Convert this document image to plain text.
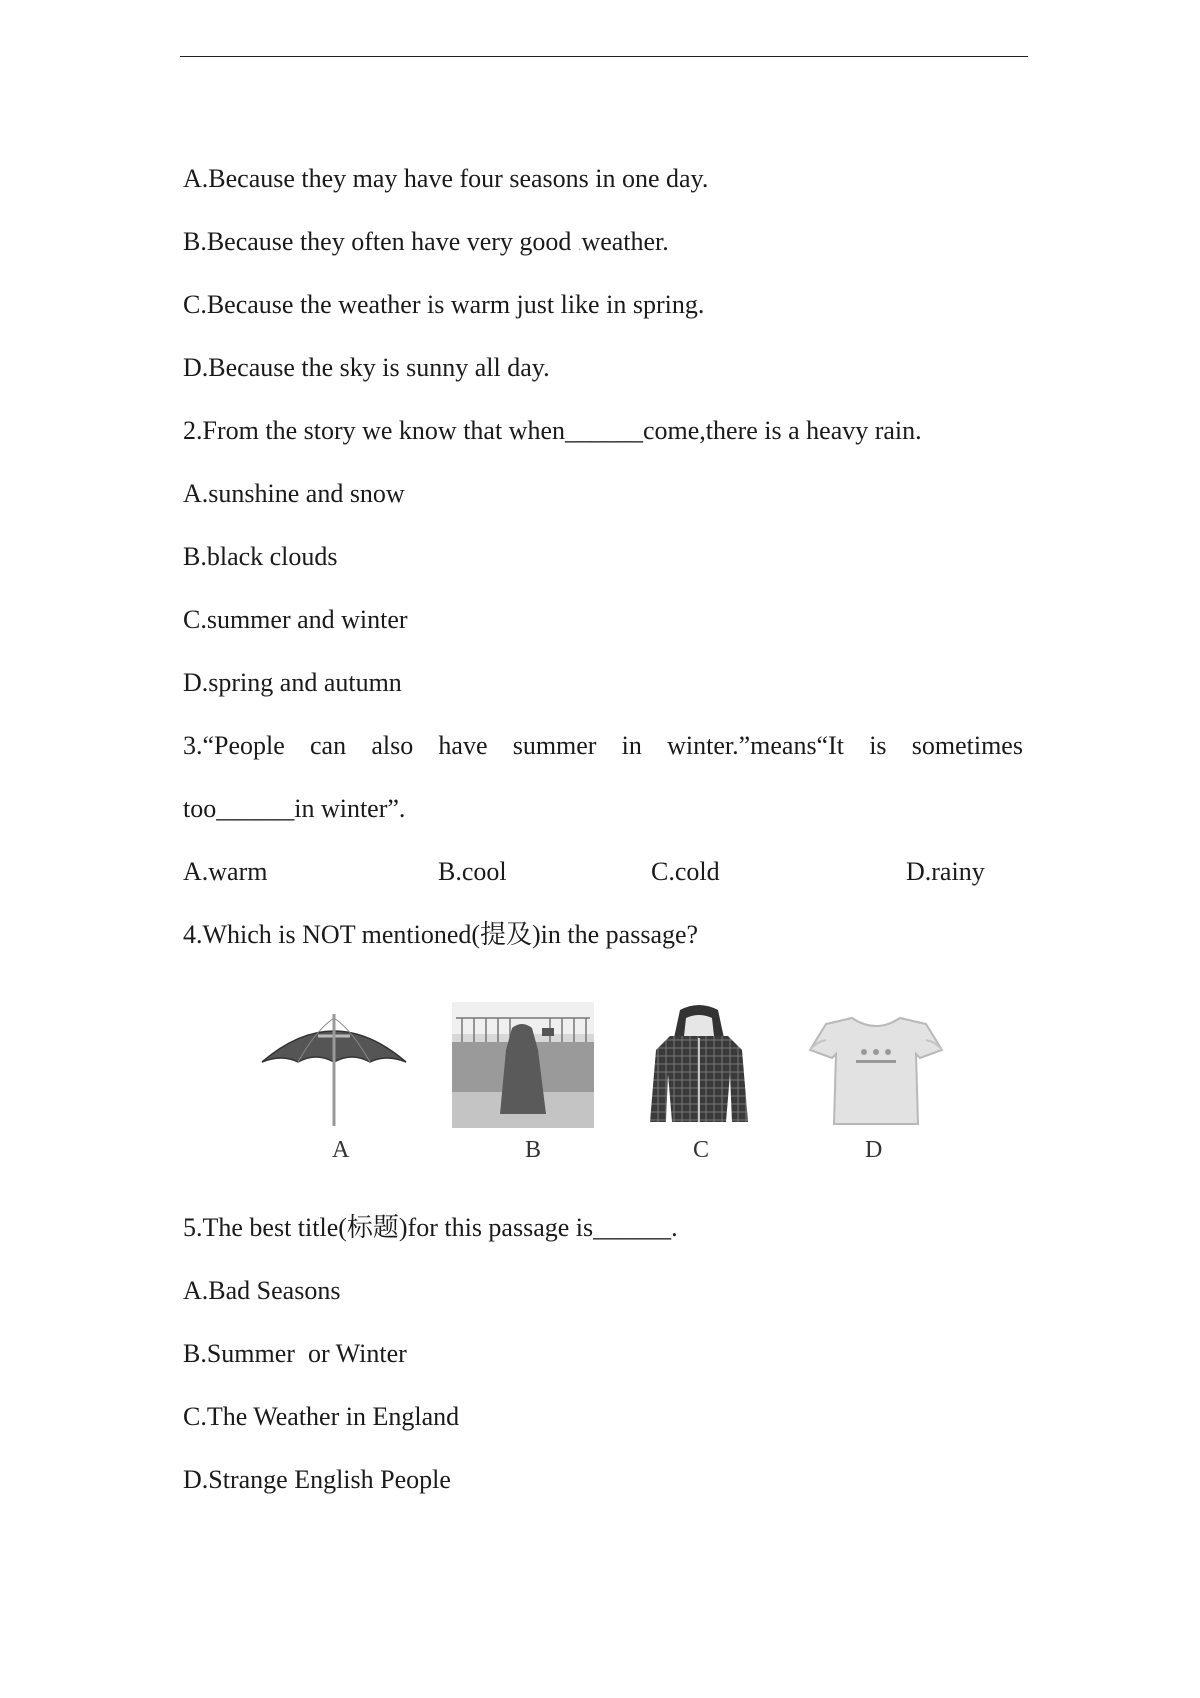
A.Because they may have four seasons in one day.
B.Because they often have very good .weather.
C.Because the weather is warm just like in spring.
D.Because the sky is sunny all day.
2.From the story we know that when______come,there is a heavy rain.
A.sunshine and snow
B.black clouds
C.summer and winter
D.spring and autumn
3.“People can also have summer in winter.”means“It is sometimes
too______in winter”.
A.warm	B.cool	C.cold	D.rainy
4.Which is NOT mentioned(提及)in the passage?
A	B	C	D
5.The best title(标题)for this passage is______.
A.Bad Seasons
B.Summer  or Winter
C.The Weather in England
D.Strange English People
